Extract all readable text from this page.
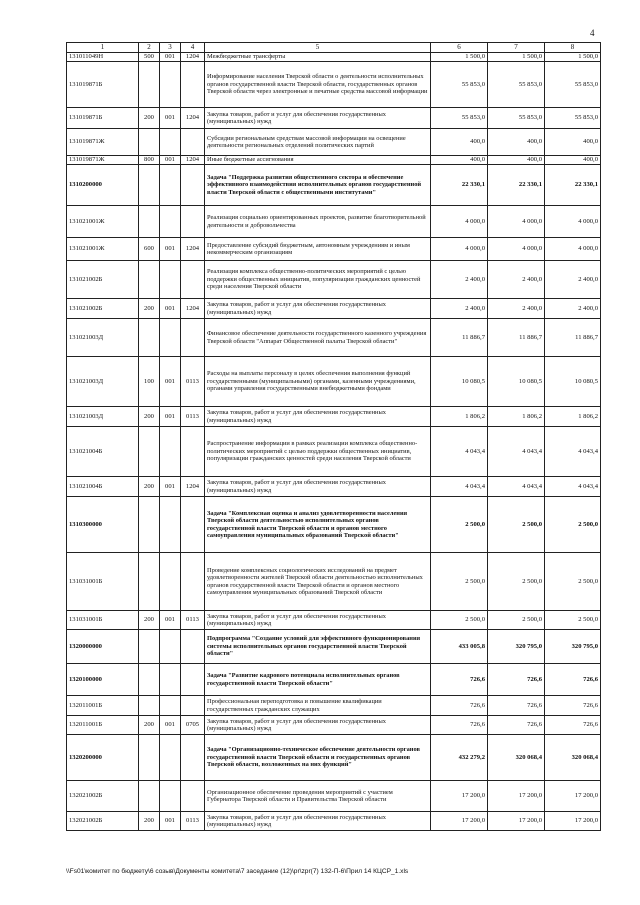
4
1	2	3	4	5	6	7	8
131011049Н	500	001	1204	Межбюджетные трансферты	1 500,0	1 500,0	1 500,0
131019871Б				Информирование населения Тверской области о деятельности исполнительных органов государственной власти Тверской области, государственных органов Тверской области через электронные и печатные средства массовой информации	55 853,0	55 853,0	55 853,0
131019871Б	200	001	1204	Закупка товаров, работ и услуг для обеспечения государственных (муниципальных) нужд	55 853,0	55 853,0	55 853,0
131019871Ж				Субсидии региональным средствам массовой информации на освещение деятельности региональных отделений политических партий	400,0	400,0	400,0
131019871Ж	800	001	1204	Иные бюджетные ассигнования	400,0	400,0	400,0
1310200000				Задача "Поддержка развития общественного сектора и обеспечение эффективного взаимодействия исполнительных органов государственной власти Тверской области с общественными институтами"	22 330,1	22 330,1	22 330,1
131021001Ж				Реализация социально ориентированных проектов, развитие благотворительной деятельности и добровольчества	4 000,0	4 000,0	4 000,0
131021001Ж	600	001	1204	Предоставление субсидий бюджетным, автономным учреждениям и иным некоммерческим организациям	4 000,0	4 000,0	4 000,0
131021002Б				Реализация комплекса общественно-политических мероприятий с целью поддержки общественных инициатив, популяризации гражданских ценностей среди населения Тверской области	2 400,0	2 400,0	2 400,0
131021002Б	200	001	1204	Закупка товаров, работ и услуг для обеспечения государственных (муниципальных) нужд	2 400,0	2 400,0	2 400,0
131021003Д				Финансовое обеспечение деятельности государственного казенного учреждения Тверской области "Аппарат Общественной палаты Тверской области"	11 886,7	11 886,7	11 886,7
131021003Д	100	001	0113	Расходы на выплаты персоналу в целях обеспечения выполнения функций государственными (муниципальными) органами, казенными учреждениями, органами управления государственными внебюджетными фондами	10 080,5	10 080,5	10 080,5
131021003Д	200	001	0113	Закупка товаров, работ и услуг для обеспечения государственных (муниципальных) нужд	1 806,2	1 806,2	1 806,2
131021004Б				Распространение информации в рамках реализации комплекса общественно-политических мероприятий с целью поддержки общественных инициатив, популяризации гражданских ценностей среди населения Тверской области	4 043,4	4 043,4	4 043,4
131021004Б	200	001	1204	Закупка товаров, работ и услуг для обеспечения государственных (муниципальных) нужд	4 043,4	4 043,4	4 043,4
1310300000				Задача "Комплексная оценка и анализ удовлетворенности населения Тверской области деятельностью исполнительных органов государственной власти Тверской области и органов местного самоуправления муниципальных образований Тверской области"	2 500,0	2 500,0	2 500,0
131031001Б				Проведение комплексных социологических исследований на предмет удовлетворенности жителей Тверской области деятельностью исполнительных органов государственной власти Тверской области и органов местного самоуправления муниципальных образований Тверской области	2 500,0	2 500,0	2 500,0
131031001Б	200	001	0113	Закупка товаров, работ и услуг для обеспечения государственных (муниципальных) нужд	2 500,0	2 500,0	2 500,0
1320000000				Подпрограмма "Создание условий для эффективного функционирования системы исполнительных органов государственной власти Тверской области"	433 005,8	320 795,0	320 795,0
1320100000				Задача "Развитие кадрового потенциала исполнительных органов государственной власти Тверской области"	726,6	726,6	726,6
132011001Б				Профессиональная переподготовка и повышение квалификации государственных гражданских служащих	726,6	726,6	726,6
132011001Б	200	001	0705	Закупка товаров, работ и услуг для обеспечения государственных (муниципальных) нужд	726,6	726,6	726,6
1320200000				Задача "Организационно-техническое обеспечение деятельности органов государственной власти Тверской области и государственных органов Тверской области, возложенных на них функций"	432 279,2	320 068,4	320 068,4
132021002Б				Организационное обеспечение проведения мероприятий с участием Губернатора Тверской области и Правительства Тверской области	17 200,0	17 200,0	17 200,0
132021002Б	200	001	0113	Закупка товаров, работ и услуг для обеспечения государственных (муниципальных) нужд	17 200,0	17 200,0	17 200,0
\\Fs01\комитет по бюджету\6 созыв\Документы комитета\7 заседание (12)\pr\zpr(7) 132-П-6\Прил 14 КЦСР_1.xls
